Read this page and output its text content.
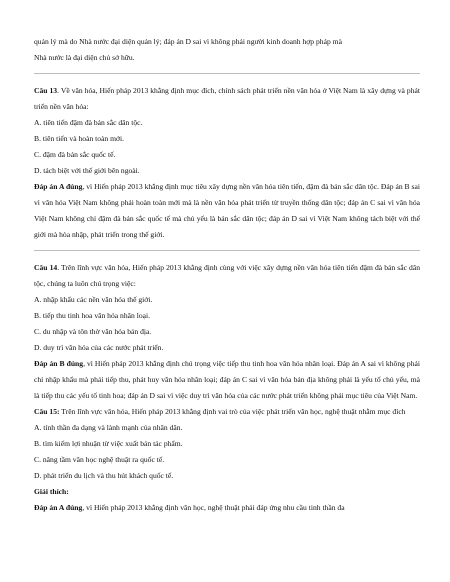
quản lý mà do Nhà nước đại diện quản lý; đáp án D sai vì không phải người kinh doanh hợp pháp mà
Nhà nước là đại diện chủ sở hữu.
Câu 13. Về văn hóa, Hiến pháp 2013 khẳng định mục đích, chính sách phát triển nền văn hóa ở Việt Nam là xây dựng và phát triển nền văn hóa:
A. tiên tiến đậm đà bản sắc dân tộc.
B. tiên tiến và hoàn toàn mới.
C. đậm đà bản sắc quốc tế.
D. tách biệt với thế giới bên ngoài.
Đáp án A đúng, vì Hiến pháp 2013 khẳng định mục tiêu xây dựng nền văn hóa tiên tiến, đậm đà bản sắc dân tộc. Đáp án B sai vì văn hóa Việt Nam không phải hoàn toàn mới mà là nền văn hóa phát triển từ truyền thống dân tộc; đáp án C sai vì văn hóa Việt Nam không chỉ đậm đà bản sắc quốc tế mà chủ yếu là bản sắc dân tộc; đáp án D sai vì Việt Nam không tách biệt với thế giới mà hòa nhập, phát triển trong thế giới.
Câu 14. Trên lĩnh vực văn hóa, Hiến pháp 2013 khẳng định cùng với việc xây dựng nền văn hóa tiên tiến đậm đà bản sắc dân tộc, chúng ta luôn chú trọng việc:
A. nhập khẩu các nền văn hóa thế giới.
B. tiếp thu tinh hoa văn hóa nhân loại.
C. du nhập và tôn thờ văn hóa bản địa.
D. duy trì văn hóa của các nước phát triển.
Đáp án B đúng, vì Hiến pháp 2013 khẳng định chú trọng việc tiếp thu tinh hoa văn hóa nhân loại. Đáp án A sai vì không phải chỉ nhập khẩu mà phải tiếp thu, phát huy văn hóa nhân loại; đáp án C sai vì văn hóa bản địa không phải là yếu tố chủ yếu, mà là tiếp thu các yếu tố tinh hoa; đáp án D sai vì việc duy trì văn hóa của các nước phát triển không phải mục tiêu của Việt Nam.
Câu 15: Trên lĩnh vực văn hóa, Hiến pháp 2013 khẳng định vai trò của việc phát triển văn học, nghệ thuật nhằm mục đích
A. tính thần đa dạng và lành mạnh của nhân dân.
B. tìm kiếm lợi nhuận từ việc xuất bản tác phẩm.
C. nâng tầm văn học nghệ thuật ra quốc tế.
D. phát triển du lịch và thu hút khách quốc tế.
Giải thích:
Đáp án A đúng, vì Hiến pháp 2013 khẳng định văn học, nghệ thuật phải đáp ứng nhu cầu tinh thần đa
